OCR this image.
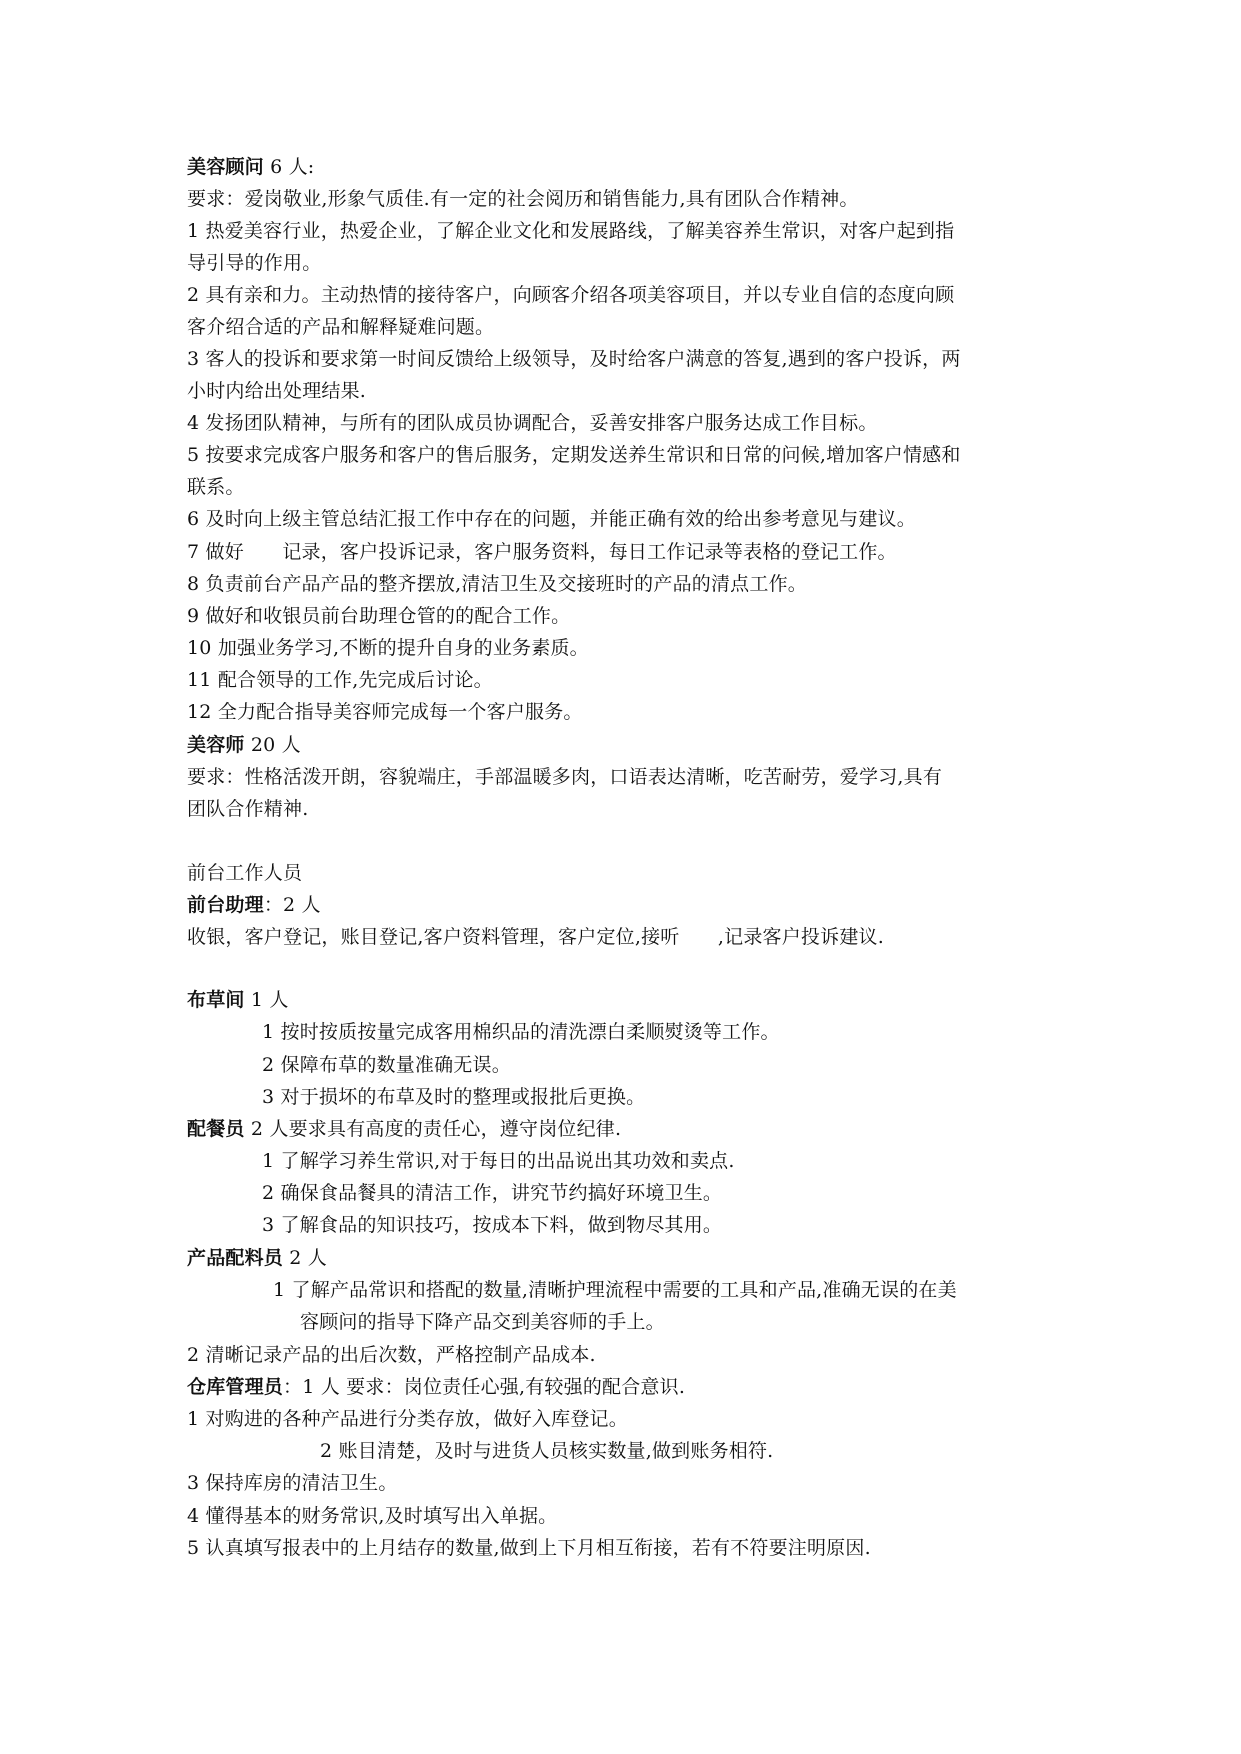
美容顾问 6 人:
要求：爱岗敬业,形象气质佳.有一定的社会阅历和销售能力,具有团队合作精神。
1 热爱美容行业，热爱企业，了解企业文化和发展路线，了解美容养生常识，对客户起到指
导引导的作用。
2 具有亲和力。主动热情的接待客户，向顾客介绍各项美容项目，并以专业自信的态度向顾
客介绍合适的产品和解释疑难问题。
3 客人的投诉和要求第一时间反馈给上级领导，及时给客户满意的答复,遇到的客户投诉，两
小时内给出处理结果.
4 发扬团队精神，与所有的团队成员协调配合，妥善安排客户服务达成工作目标。
5 按要求完成客户服务和客户的售后服务，定期发送养生常识和日常的问候,增加客户情感和
联系。
6 及时向上级主管总结汇报工作中存在的问题，并能正确有效的给出参考意见与建议。
7 做好　　记录，客户投诉记录，客户服务资料，每日工作记录等表格的登记工作。
8 负责前台产品产品的整齐摆放,清洁卫生及交接班时的产品的清点工作。
9 做好和收银员前台助理仓管的的配合工作。
10 加强业务学习,不断的提升自身的业务素质。
11 配合领导的工作,先完成后讨论。
12 全力配合指导美容师完成每一个客户服务。
美容师 20 人
要求：性格活泼开朗，容貌端庄，手部温暖多肉，口语表达清晰，吃苦耐劳，爱学习,具有
团队合作精神.
前台工作人员
前台助理：2 人
收银，客户登记，账目登记,客户资料管理，客户定位,接听　　,记录客户投诉建议.
布草间 1 人
1 按时按质按量完成客用棉织品的清洗漂白柔顺熨烫等工作。
2 保障布草的数量准确无误。
3 对于损坏的布草及时的整理或报批后更换。
配餐员 2 人要求具有高度的责任心，遵守岗位纪律.
1 了解学习养生常识,对于每日的出品说出其功效和卖点.
2 确保食品餐具的清洁工作，讲究节约搞好环境卫生。
3 了解食品的知识技巧，按成本下料，做到物尽其用。
产品配料员 2 人
1 了解产品常识和搭配的数量,清晰护理流程中需要的工具和产品,准确无误的在美
容顾问的指导下降产品交到美容师的手上。
2 清晰记录产品的出后次数，严格控制产品成本.
仓库管理员：1 人 要求：岗位责任心强,有较强的配合意识.
1 对购进的各种产品进行分类存放，做好入库登记。
2 账目清楚，及时与进货人员核实数量,做到账务相符.
3 保持库房的清洁卫生。
4 懂得基本的财务常识,及时填写出入单据。
5 认真填写报表中的上月结存的数量,做到上下月相互衔接，若有不符要注明原因.
